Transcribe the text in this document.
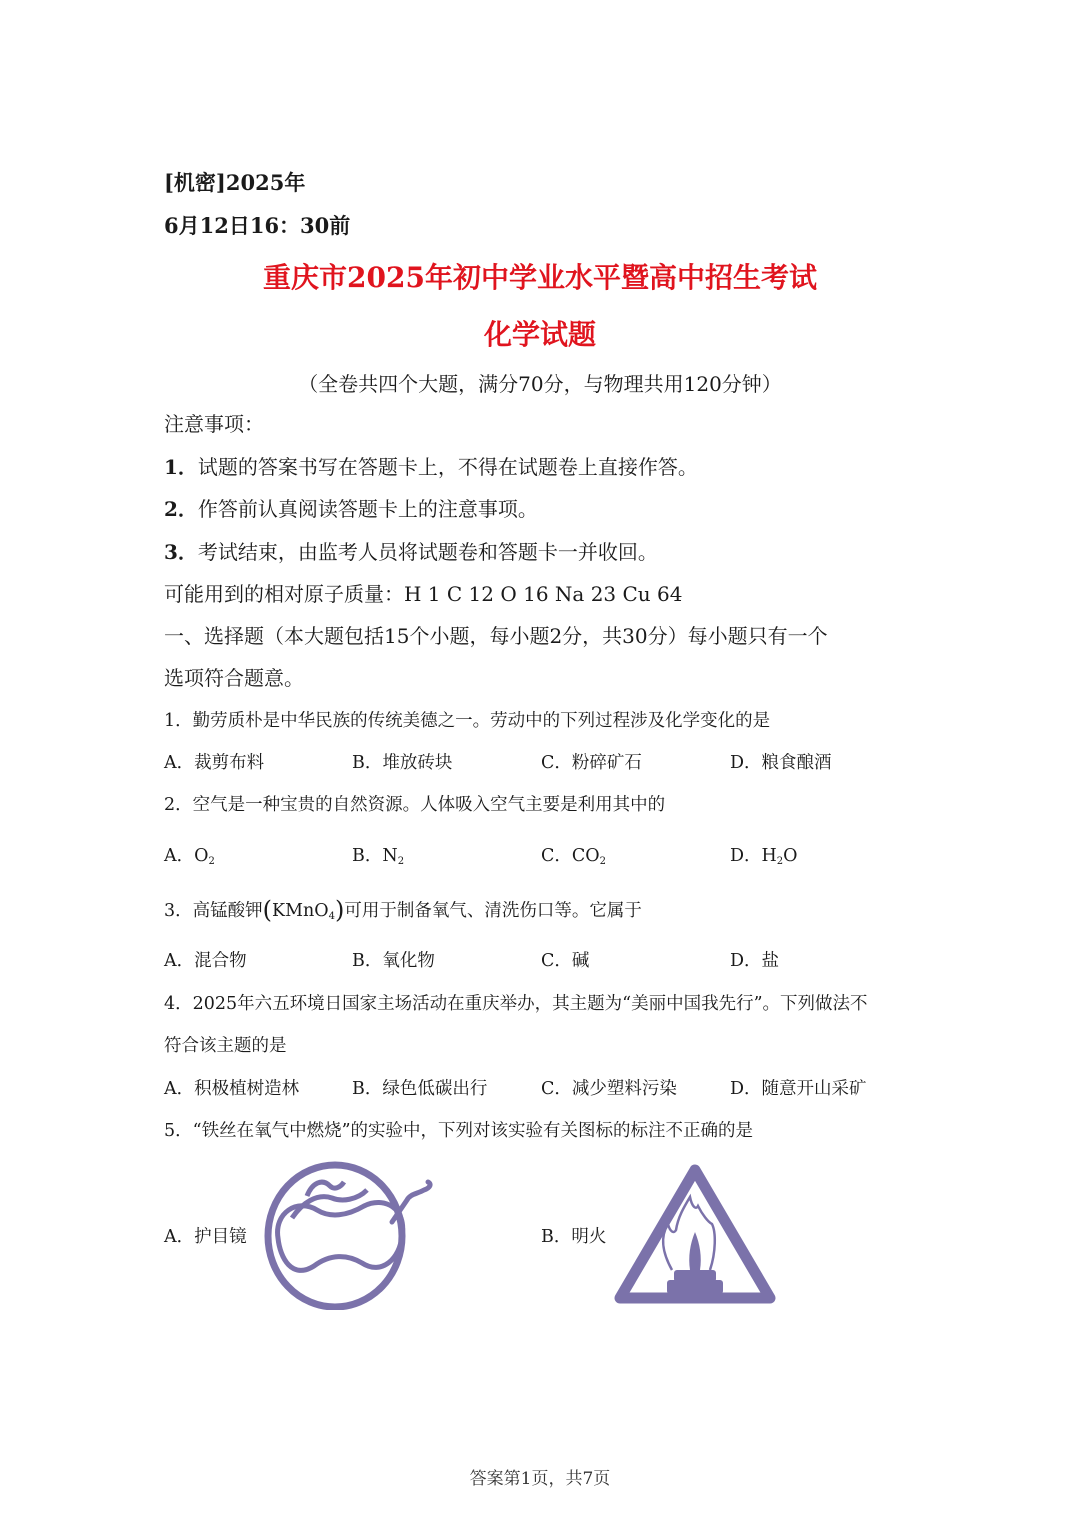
[机密]2025年
6月12日16：30前
重庆市2025年初中学业水平暨高中招生考试
化学试题
（全卷共四个大题，满分70分，与物理共用120分钟）
注意事项：
1．试题的答案书写在答题卡上，不得在试题卷上直接作答。
2．作答前认真阅读答题卡上的注意事项。
3．考试结束，由监考人员将试题卷和答题卡一并收回。
可能用到的相对原子质量：H 1 C 12 O 16 Na 23 Cu 64
一、选择题（本大题包括15个小题，每小题2分，共30分）每小题只有一个
选项符合题意。
1．勤劳质朴是中华民族的传统美德之一。劳动中的下列过程涉及化学变化的是
A．裁剪布料	B．堆放砖块	C．粉碎矿石	D．粮食酿酒
2．空气是一种宝贵的自然资源。人体吸入空气主要是利用其中的
A．$O_2$	B．$N_2$	C．$CO_2$	D．$H_2O$
3．高锰酸钾(KMnO$_4$)可用于制备氧气、清洗伤口等。它属于
A．混合物	B．氧化物	C．碱	D．盐
4．2025年六五环境日国家主场活动在重庆举办，其主题为“美丽中国我先行”。下列做法不
符合该主题的是
A．积极植树造林	B．绿色低碳出行	C．减少塑料污染	D．随意开山采矿
5．“铁丝在氧气中燃烧”的实验中，下列对该实验有关图标的标注不正确的是
A．护目镜	B．明火
答案第1页，共7页
